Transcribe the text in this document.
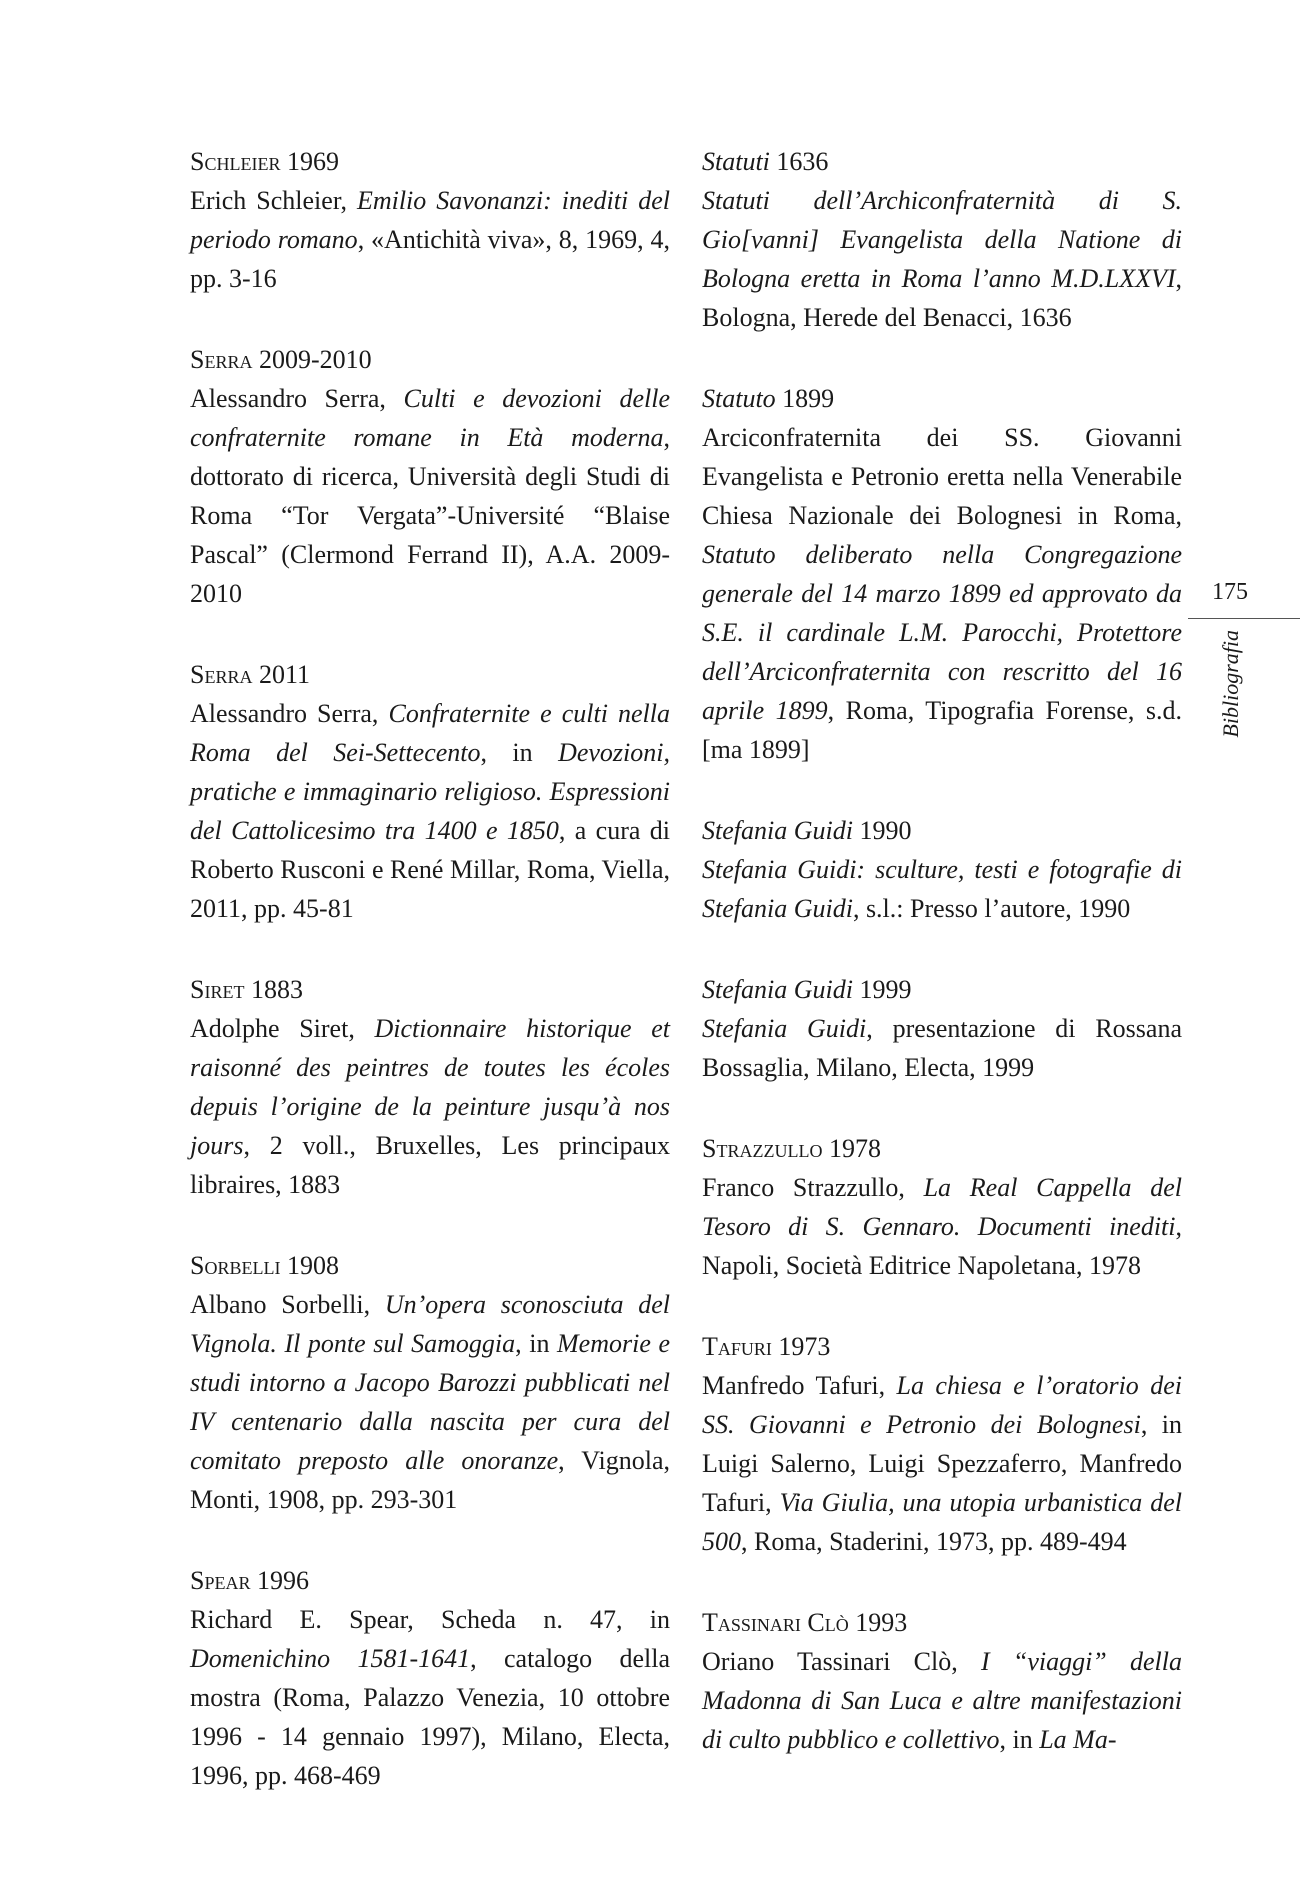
Schleier 1969

Erich Schleier, Emilio Savonanzi: inediti del periodo romano, «Antichità viva», 8, 1969, 4, pp. 3-16

Serra 2009-2010

Alessandro Serra, Culti e devozioni delle confraternite romane in Età moderna, dottorato di ricerca, Università degli Studi di Roma “Tor Vergata”-Université “Blaise Pascal” (Clermond Ferrand II), A.A. 2009-2010

Serra 2011

Alessandro Serra, Confraternite e culti nella Roma del Sei-Settecento, in Devozioni, pratiche e immaginario religioso. Espressioni del Cattolicesimo tra 1400 e 1850, a cura di Roberto Rusconi e René Millar, Roma, Viella, 2011, pp. 45-81

Siret 1883

Adolphe Siret, Dictionnaire historique et raisonné des peintres de toutes les écoles depuis l’origine de la peinture jusqu’à nos jours, 2 voll., Bruxelles, Les principaux libraires, 1883

Sorbelli 1908

Albano Sorbelli, Un’opera sconosciuta del Vignola. Il ponte sul Samoggia, in Memorie e studi intorno a Jacopo Barozzi pubblicati nel IV centenario dalla nascita per cura del comitato preposto alle onoranze, Vignola, Monti, 1908, pp. 293-301

Spear 1996

Richard E. Spear, Scheda n. 47, in Domenichino 1581-1641, catalogo della mostra (Roma, Palazzo Venezia, 10 ottobre 1996 - 14 gennaio 1997), Milano, Electa, 1996, pp. 468-469

Statuti 1636

Statuti dell’Archiconfraternità di S. Gio[vanni] Evangelista della Natione di Bologna eretta in Roma l’anno M.D.LXXVI, Bologna, Herede del Benacci, 1636

Statuto 1899

Arciconfraternita dei SS. Giovanni Evangelista e Petronio eretta nella Venerabile Chiesa Nazionale dei Bolognesi in Roma, Statuto deliberato nella Congregazione generale del 14 marzo 1899 ed approvato da S.E. il cardinale L.M. Parocchi, Protettore dell’Arciconfraternita con rescritto del 16 aprile 1899, Roma, Tipografia Forense, s.d. [ma 1899]

Stefania Guidi 1990

Stefania Guidi: sculture, testi e fotografie di Stefania Guidi, s.l.: Presso l’autore, 1990

Stefania Guidi 1999

Stefania Guidi, presentazione di Rossana Bossaglia, Milano, Electa, 1999

Strazzullo 1978

Franco Strazzullo, La Real Cappella del Tesoro di S. Gennaro. Documenti inediti, Napoli, Società Editrice Napoletana, 1978

Tafuri 1973

Manfredo Tafuri, La chiesa e l’oratorio dei SS. Giovanni e Petronio dei Bolognesi, in Luigi Salerno, Luigi Spezzaferro, Manfredo Tafuri, Via Giulia, una utopia urbanistica del 500, Roma, Staderini, 1973, pp. 489-494

Tassinari Clò 1993

Oriano Tassinari Clò, I “viaggi” della Madonna di San Luca e altre manifestazioni di culto pubblico e collettivo, in La Ma-

175
Bibliografia
